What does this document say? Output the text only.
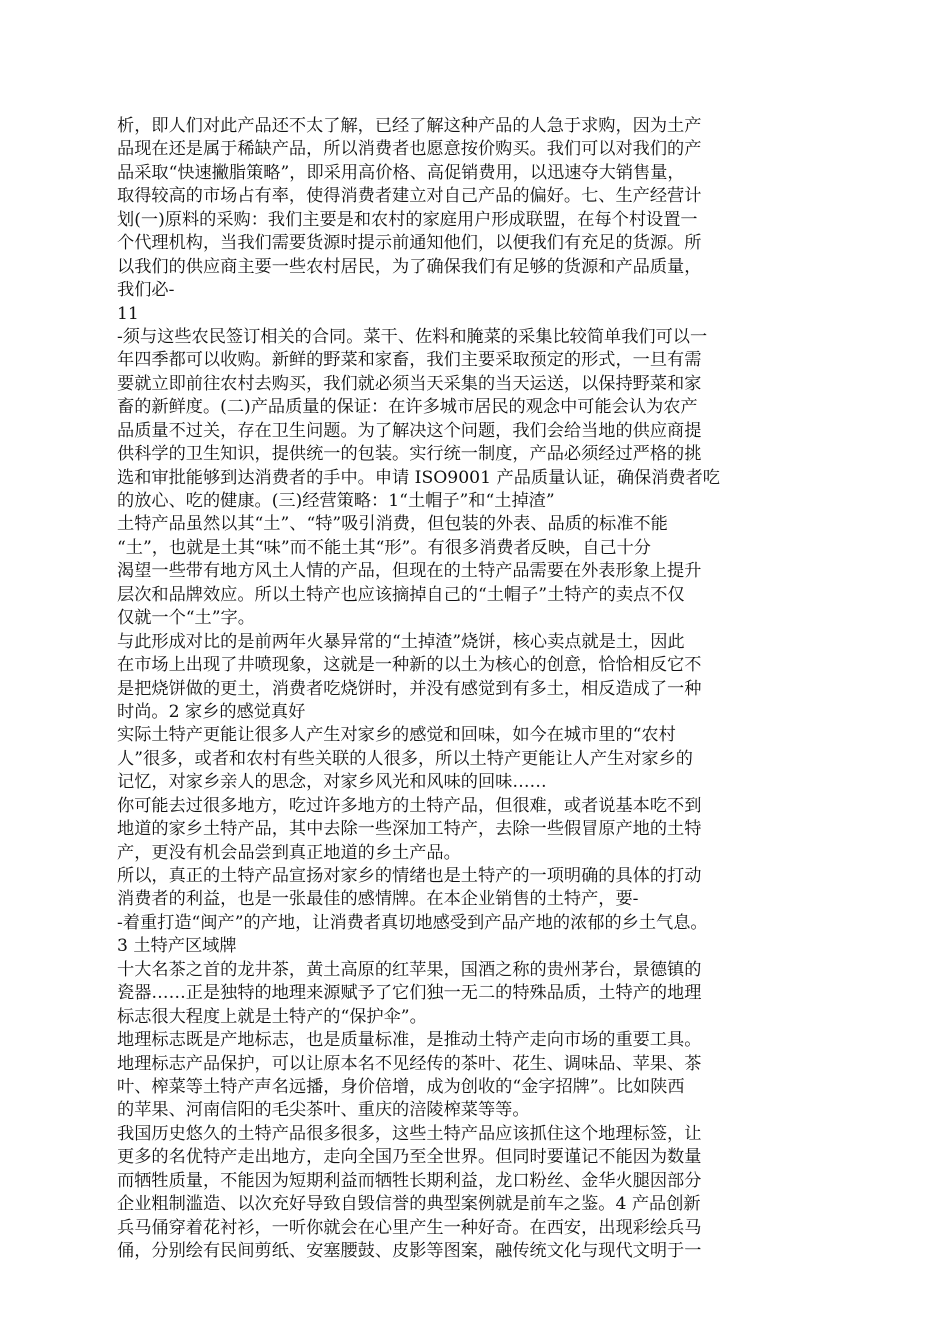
析，即人们对此产品还不太了解，已经了解这种产品的人急于求购，因为土产
品现在还是属于稀缺产品，所以消费者也愿意按价购买。我们可以对我们的产
品采取“快速撇脂策略”，即采用高价格、高促销费用，以迅速夺大销售量，
取得较高的市场占有率，使得消费者建立对自己产品的偏好。七、生产经营计
划(一)原料的采购：我们主要是和农村的家庭用户形成联盟，在每个村设置一
个代理机构，当我们需要货源时提示前通知他们，以便我们有充足的货源。所
以我们的供应商主要一些农村居民，为了确保我们有足够的货源和产品质量，
我们必-
11
-须与这些农民签订相关的合同。菜干、佐料和腌菜的采集比较简单我们可以一
年四季都可以收购。新鲜的野菜和家畜，我们主要采取预定的形式，一旦有需
要就立即前往农村去购买，我们就必须当天采集的当天运送，以保持野菜和家
畜的新鲜度。(二)产品质量的保证：在许多城市居民的观念中可能会认为农产
品质量不过关，存在卫生问题。为了解决这个问题，我们会给当地的供应商提
供科学的卫生知识，提供统一的包装。实行统一制度，产品必须经过严格的挑
选和审批能够到达消费者的手中。申请 ISO9001 产品质量认证，确保消费者吃
的放心、吃的健康。(三)经营策略：1“土帽子”和“土掉渣”
土特产品虽然以其“土”、“特”吸引消费，但包装的外表、品质的标准不能
“土”，也就是土其“味”而不能土其“形”。有很多消费者反映，自己十分
渴望一些带有地方风土人情的产品，但现在的土特产品需要在外表形象上提升
层次和品牌效应。所以土特产也应该摘掉自己的“土帽子”土特产的卖点不仅
仅就一个“土”字。
与此形成对比的是前两年火暴异常的“土掉渣”烧饼，核心卖点就是土，因此
在市场上出现了井喷现象，这就是一种新的以土为核心的创意，恰恰相反它不
是把烧饼做的更土，消费者吃烧饼时，并没有感觉到有多土，相反造成了一种
时尚。2 家乡的感觉真好
实际土特产更能让很多人产生对家乡的感觉和回味，如今在城市里的“农村
人”很多，或者和农村有些关联的人很多，所以土特产更能让人产生对家乡的
记忆，对家乡亲人的思念，对家乡风光和风味的回味……
你可能去过很多地方，吃过许多地方的土特产品，但很难，或者说基本吃不到
地道的家乡土特产品，其中去除一些深加工特产，去除一些假冒原产地的土特
产，更没有机会品尝到真正地道的乡土产品。
所以，真正的土特产品宣扬对家乡的情绪也是土特产的一项明确的具体的打动
消费者的利益，也是一张最佳的感情牌。在本企业销售的土特产，要-
-着重打造“闽产”的产地，让消费者真切地感受到产品产地的浓郁的乡土气息。
3 土特产区域牌
十大名茶之首的龙井茶，黄土高原的红苹果，国酒之称的贵州茅台，景德镇的
瓷器……正是独特的地理来源赋予了它们独一无二的特殊品质，土特产的地理
标志很大程度上就是土特产的“保护伞”。
地理标志既是产地标志，也是质量标准，是推动土特产走向市场的重要工具。
地理标志产品保护，可以让原本名不见经传的茶叶、花生、调味品、苹果、茶
叶、榨菜等土特产声名远播，身价倍增，成为创收的“金字招牌”。比如陕西
的苹果、河南信阳的毛尖茶叶、重庆的涪陵榨菜等等。
我国历史悠久的土特产品很多很多，这些土特产品应该抓住这个地理标签，让
更多的名优特产走出地方，走向全国乃至全世界。但同时要谨记不能因为数量
而牺牲质量，不能因为短期利益而牺牲长期利益，龙口粉丝、金华火腿因部分
企业粗制滥造、以次充好导致自毁信誉的典型案例就是前车之鉴。4 产品创新
兵马俑穿着花衬衫，一听你就会在心里产生一种好奇。在西安，出现彩绘兵马
俑，分别绘有民间剪纸、安塞腰鼓、皮影等图案，融传统文化与现代文明于一
